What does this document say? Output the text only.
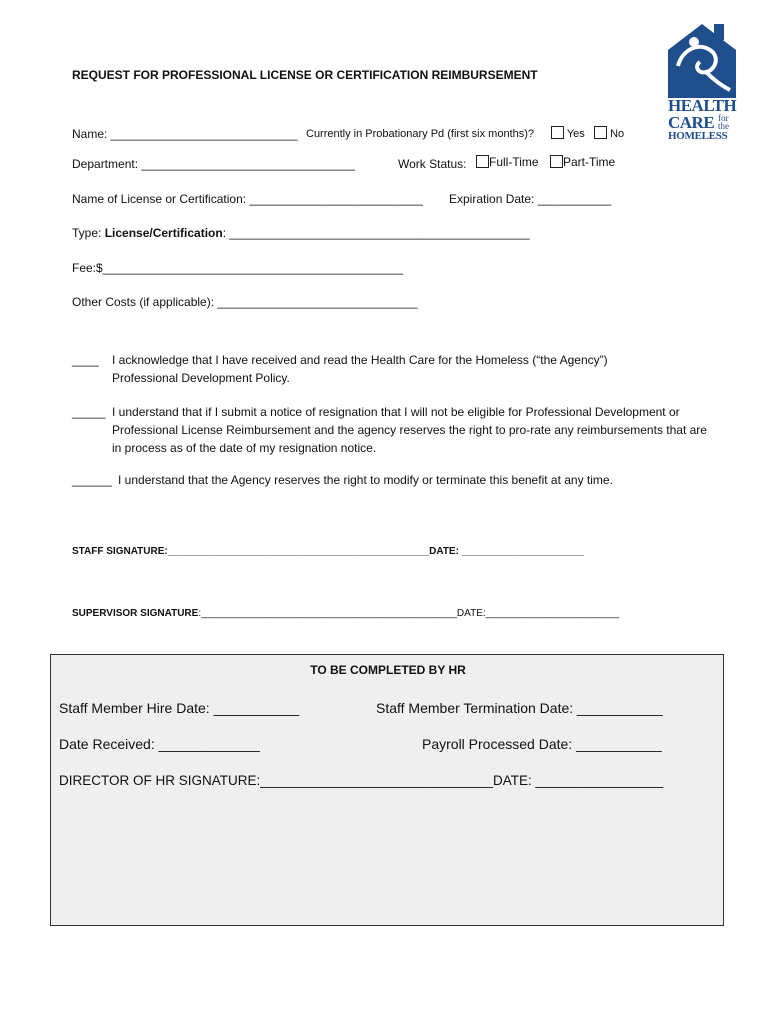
HEALTH
CARE for
the
HOMELESS
REQUEST FOR PROFESSIONAL LICENSE OR CERTIFICATION REIMBURSEMENT
Name: ____________________________ Currently in Probationary Pd (first six months)?	Yes	No
Department: ________________________________	Work Status:	Full-Time	Part-Time
Name of License or Certification: __________________________ Expiration Date: ___________
Type: License/Certification: _____________________________________________
Fee:$_____________________________________________
Other Costs (if applicable): ______________________________
____ I acknowledge that I have received and read the Health Care for the Homeless (“the Agency”) Professional Development Policy.
_____ I understand that if I submit a notice of resignation that I will not be eligible for Professional Development or Professional License Reimbursement and the agency reserves the right to pro-rate any reimbursements that are in process as of the date of my resignation notice.
______ I understand that the Agency reserves the right to modify or terminate this benefit at any time.
STAFF SIGNATURE:_______________________________________________DATE: ______________________
SUPERVISOR SIGNATURE:______________________________________________DATE:________________________
TO BE COMPLETED BY HR
Staff Member Hire Date: ___________	Staff Member Termination Date: ___________
Date Received: _____________	Payroll Processed Date: ___________
DIRECTOR OF HR SIGNATURE:_______________________________DATE: _________________
